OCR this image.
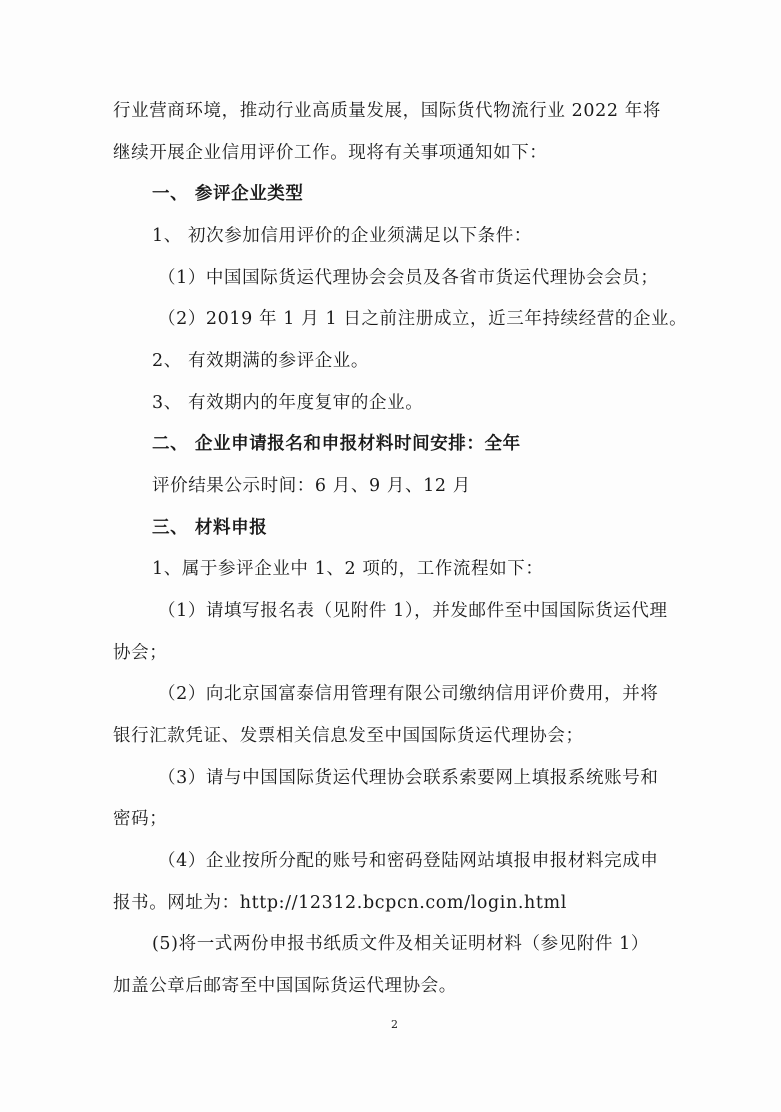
行业营商环境，推动行业高质量发展，国际货代物流行业 2022 年将
继续开展企业信用评价工作。现将有关事项通知如下：
一、 参评企业类型
1、 初次参加信用评价的企业须满足以下条件：
（1）中国国际货运代理协会会员及各省市货运代理协会会员；
（2）2019 年 1 月 1 日之前注册成立，近三年持续经营的企业。
2、 有效期满的参评企业。
3、 有效期内的年度复审的企业。
二、 企业申请报名和申报材料时间安排：全年
评价结果公示时间：6 月、9 月、12 月
三、 材料申报
1、属于参评企业中 1、2 项的，工作流程如下：
（1）请填写报名表（见附件 1），并发邮件至中国国际货运代理
协会；
（2）向北京国富泰信用管理有限公司缴纳信用评价费用，并将
银行汇款凭证、发票相关信息发至中国国际货运代理协会；
（3）请与中国国际货运代理协会联系索要网上填报系统账号和
密码；
（4）企业按所分配的账号和密码登陆网站填报申报材料完成申
报书。网址为：http://12312.bcpcn.com/login.html
(5)将一式两份申报书纸质文件及相关证明材料（参见附件 1）
加盖公章后邮寄至中国国际货运代理协会。
2
